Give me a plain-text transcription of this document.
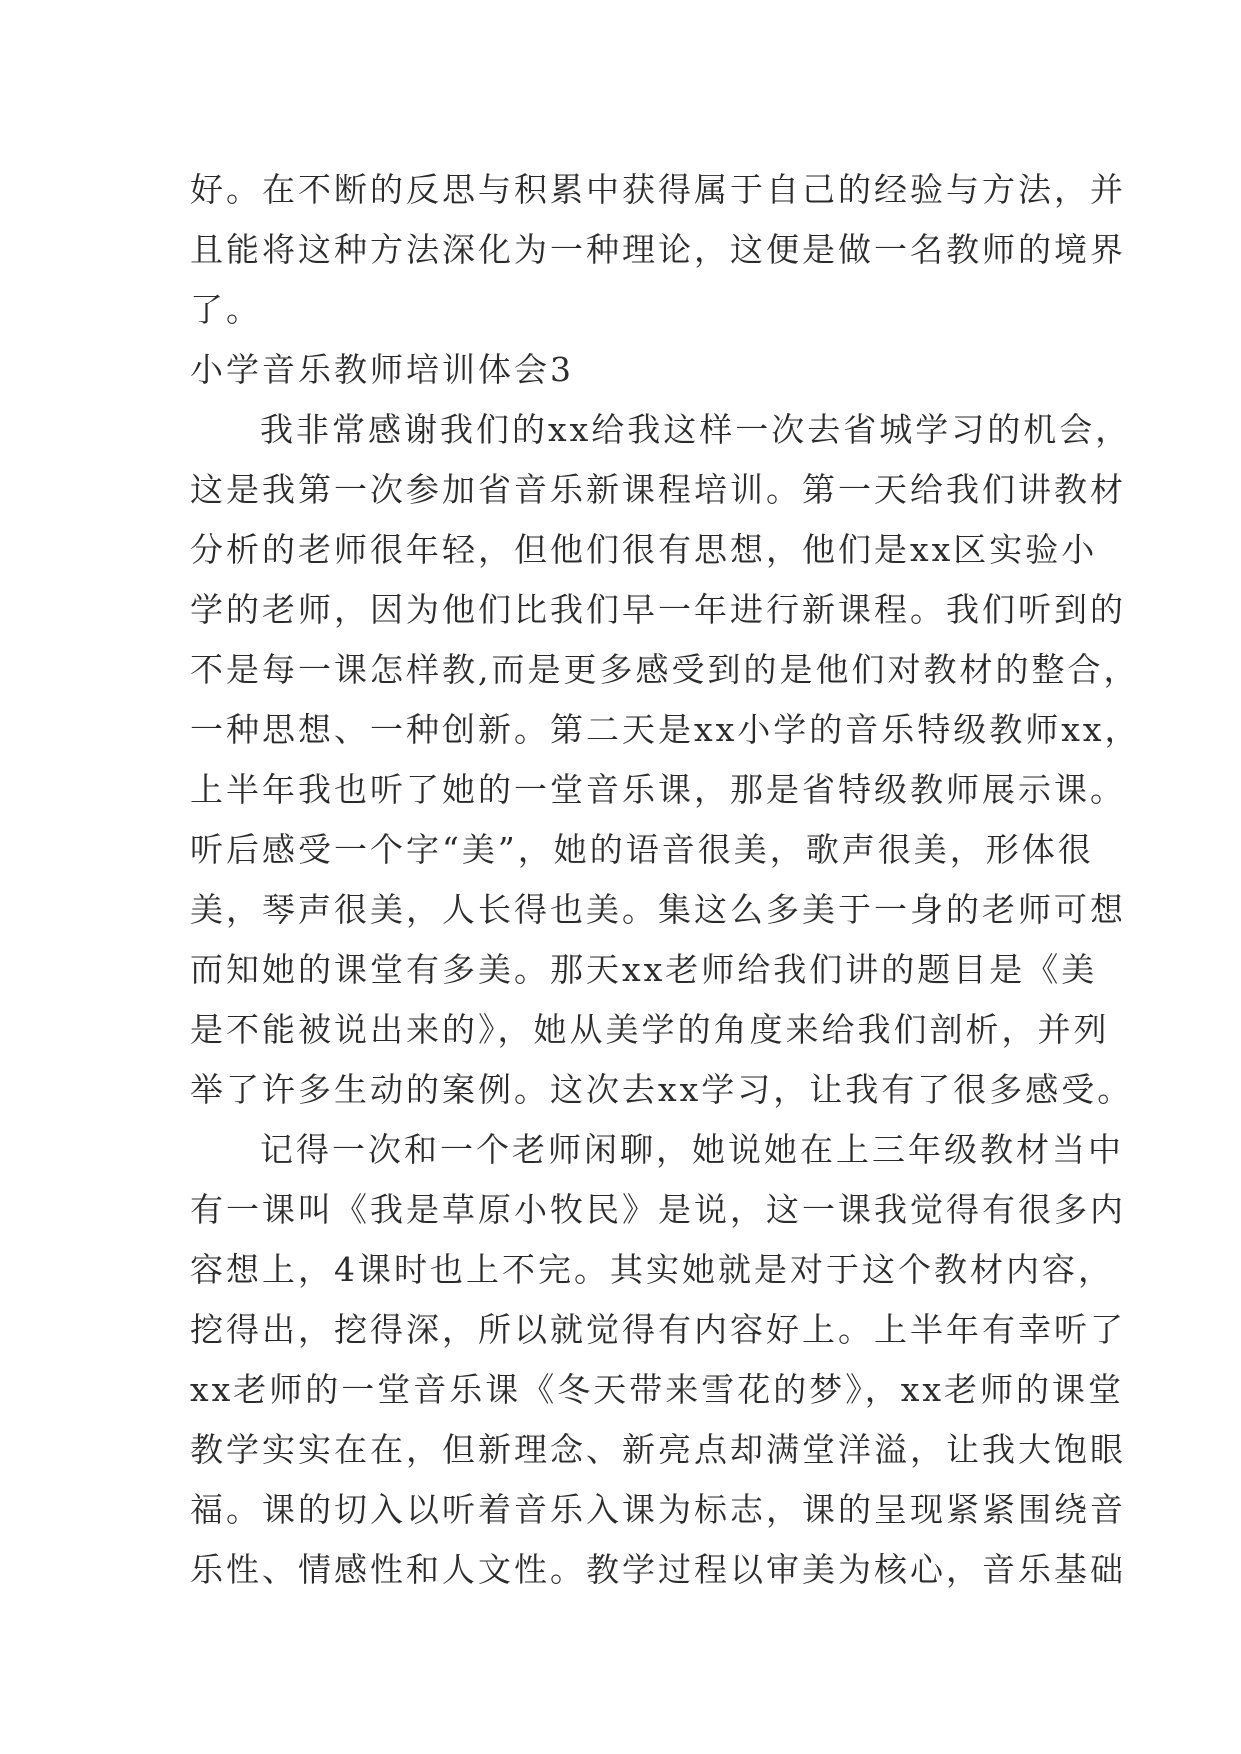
好。在不断的反思与积累中获得属于自己的经验与方法，并
且能将这种方法深化为一种理论，这便是做一名教师的境界
了。
小学音乐教师培训体会3
我非常感谢我们的xx给我这样一次去省城学习的机会，
这是我第一次参加省音乐新课程培训。第一天给我们讲教材
分析的老师很年轻，但他们很有思想，他们是xx区实验小
学的老师，因为他们比我们早一年进行新课程。我们听到的
不是每一课怎样教,而是更多感受到的是他们对教材的整合，
一种思想、一种创新。第二天是xx小学的音乐特级教师xx，
上半年我也听了她的一堂音乐课，那是省特级教师展示课。
听后感受一个字“美”，她的语音很美，歌声很美，形体很
美，琴声很美，人长得也美。集这么多美于一身的老师可想
而知她的课堂有多美。那天xx老师给我们讲的题目是《美
是不能被说出来的》，她从美学的角度来给我们剖析，并列
举了许多生动的案例。这次去xx学习，让我有了很多感受。
记得一次和一个老师闲聊，她说她在上三年级教材当中
有一课叫《我是草原小牧民》是说，这一课我觉得有很多内
容想上，4课时也上不完。其实她就是对于这个教材内容，
挖得出，挖得深，所以就觉得有内容好上。上半年有幸听了
xx老师的一堂音乐课《冬天带来雪花的梦》，xx老师的课堂
教学实实在在，但新理念、新亮点却满堂洋溢，让我大饱眼
福。课的切入以听着音乐入课为标志，课的呈现紧紧围绕音
乐性、情感性和人文性。教学过程以审美为核心，音乐基础
